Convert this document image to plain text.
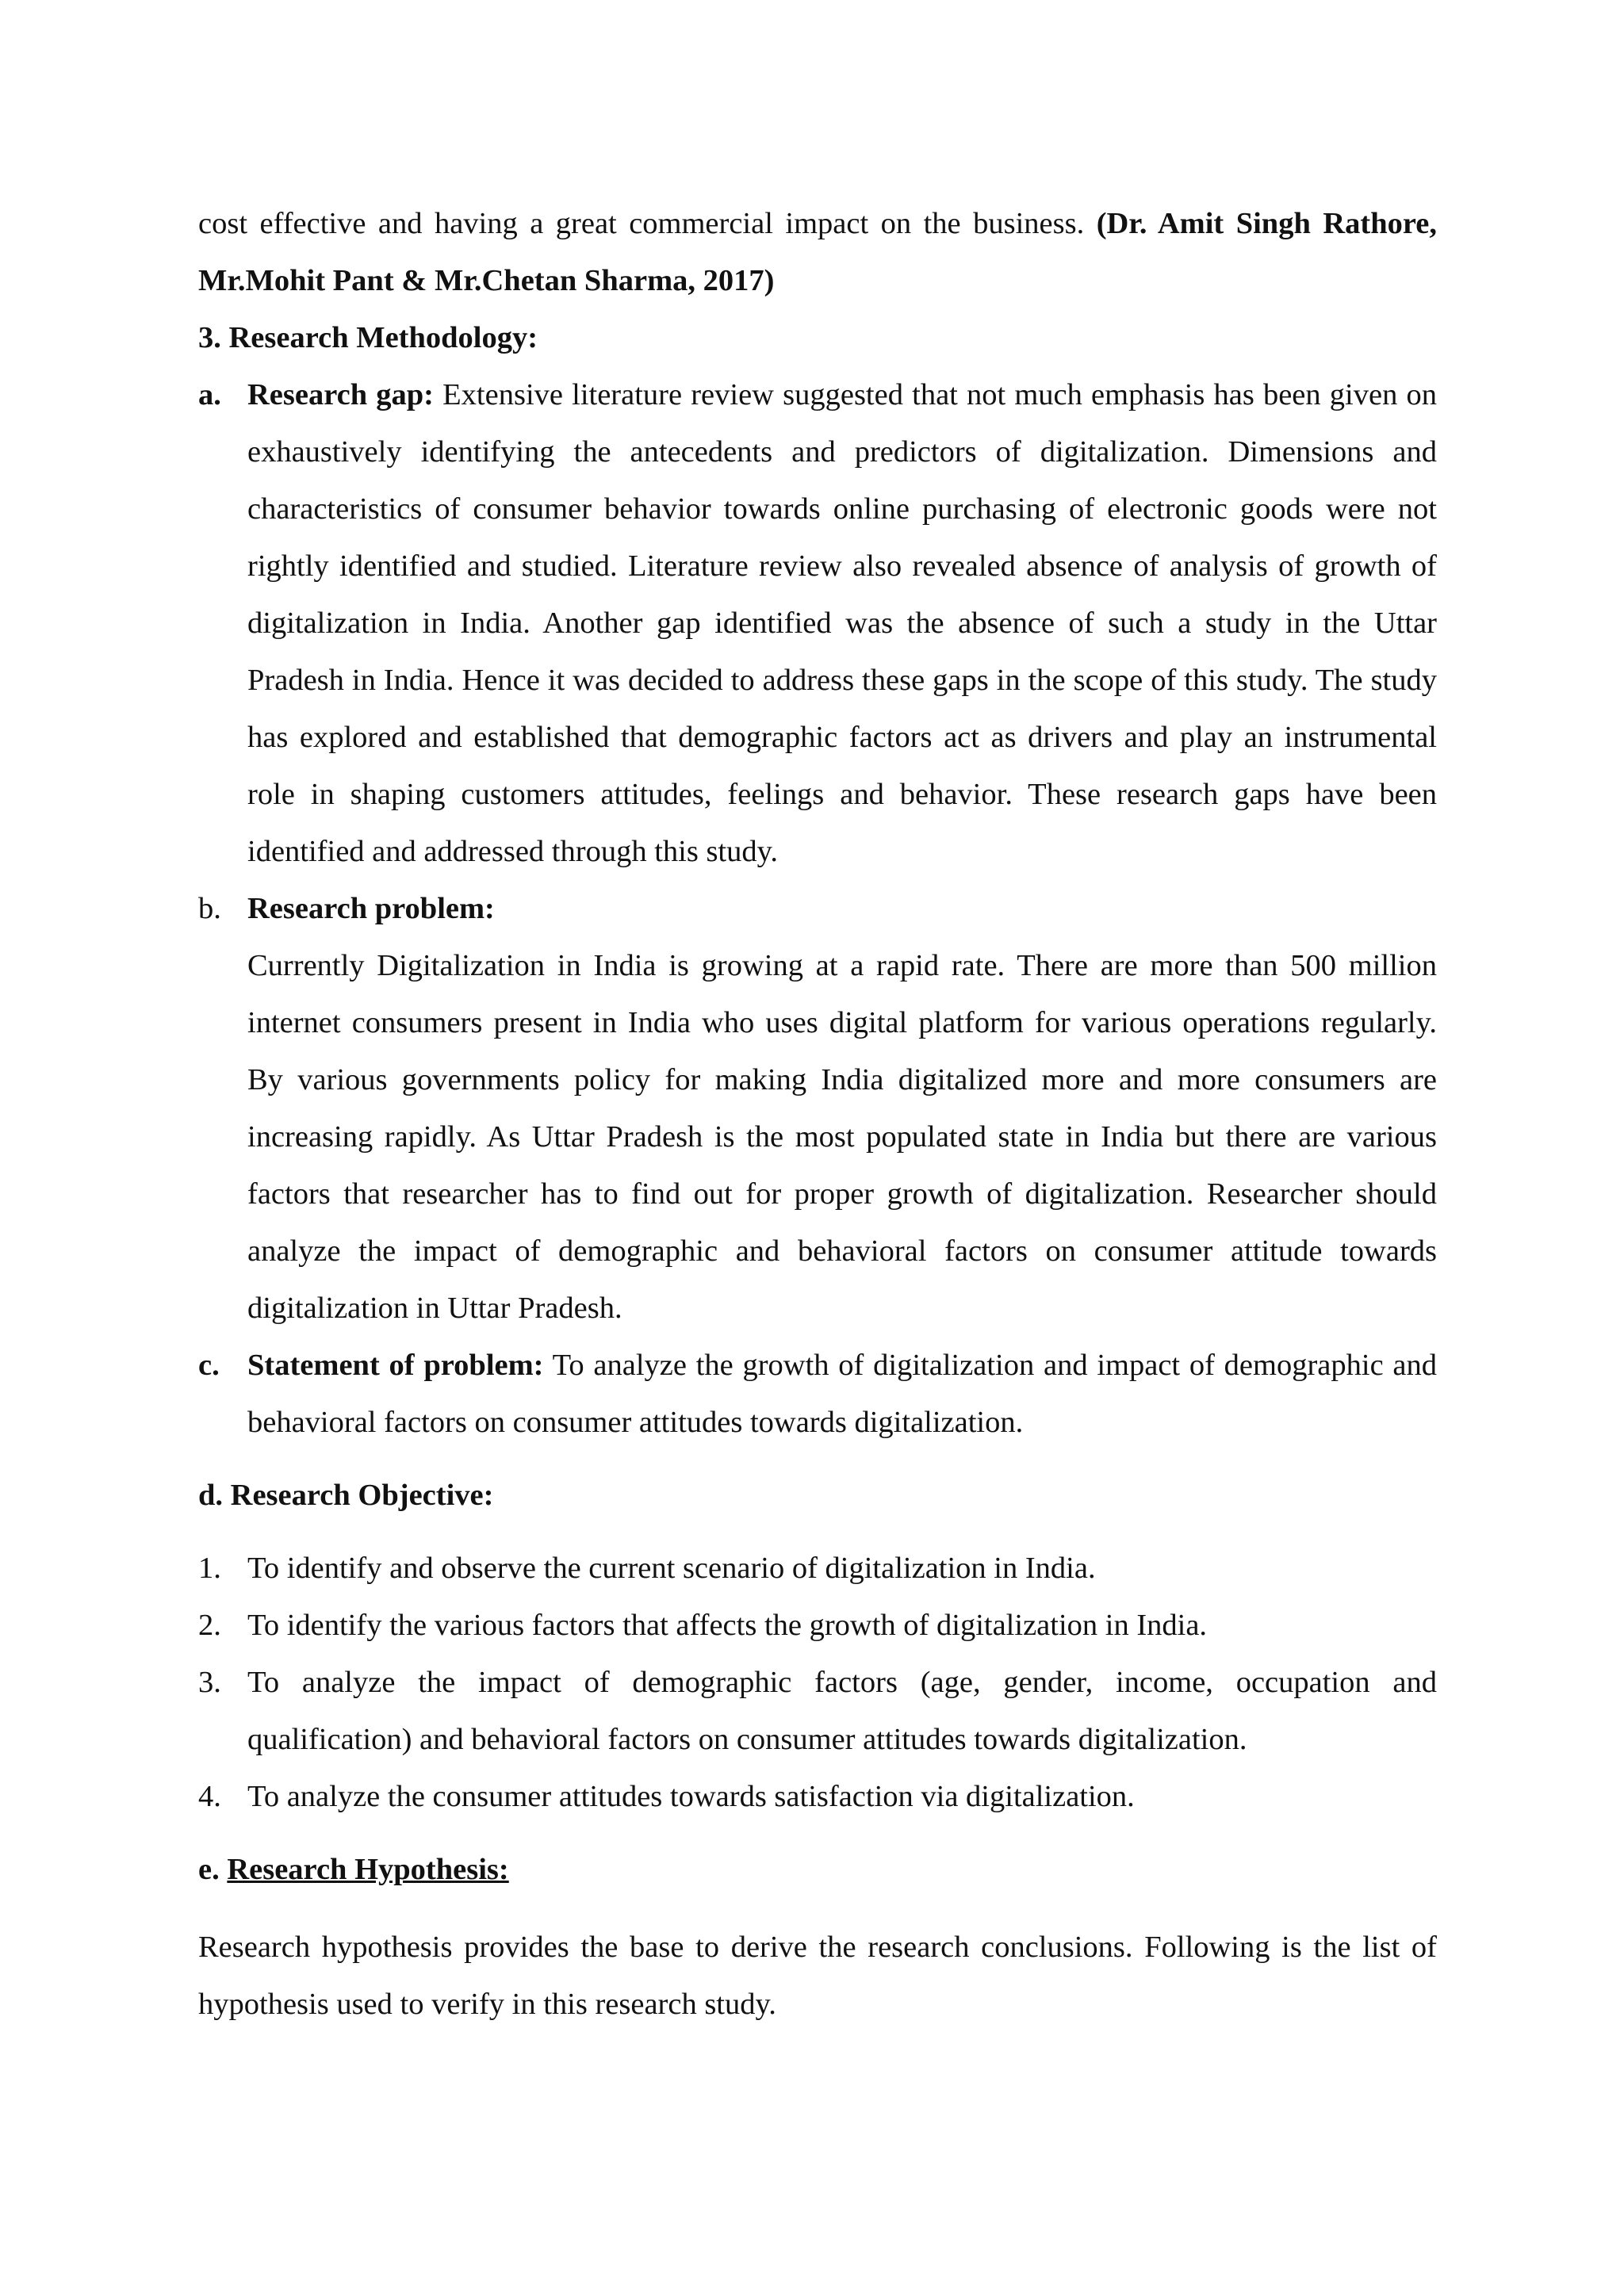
cost effective and having a great commercial impact on the business. (Dr. Amit Singh Rathore, Mr.Mohit Pant & Mr.Chetan Sharma, 2017)

3. Research Methodology:

a. Research gap: Extensive literature review suggested that not much emphasis has been given on exhaustively identifying the antecedents and predictors of digitalization. Dimensions and characteristics of consumer behavior towards online purchasing of electronic goods were not rightly identified and studied. Literature review also revealed absence of analysis of growth of digitalization in India. Another gap identified was the absence of such a study in the Uttar Pradesh in India. Hence it was decided to address these gaps in the scope of this study. The study has explored and established that demographic factors act as drivers and play an instrumental role in shaping customers attitudes, feelings and behavior. These research gaps have been identified and addressed through this study.
b. Research problem:
Currently Digitalization in India is growing at a rapid rate. There are more than 500 million internet consumers present in India who uses digital platform for various operations regularly. By various governments policy for making India digitalized more and more consumers are increasing rapidly. As Uttar Pradesh is the most populated state in India but there are various factors that researcher has to find out for proper growth of digitalization. Researcher should analyze the impact of demographic and behavioral factors on consumer attitude towards digitalization in Uttar Pradesh.
c. Statement of problem: To analyze the growth of digitalization and impact of demographic and behavioral factors on consumer attitudes towards digitalization.

d. Research Objective:

1. To identify and observe the current scenario of digitalization in India.
2. To identify the various factors that affects the growth of digitalization in India.
3. To analyze the impact of demographic factors (age, gender, income, occupation and qualification) and behavioral factors on consumer attitudes towards digitalization.
4. To analyze the consumer attitudes towards satisfaction via digitalization.

e. Research Hypothesis:

Research hypothesis provides the base to derive the research conclusions. Following is the list of hypothesis used to verify in this research study.
